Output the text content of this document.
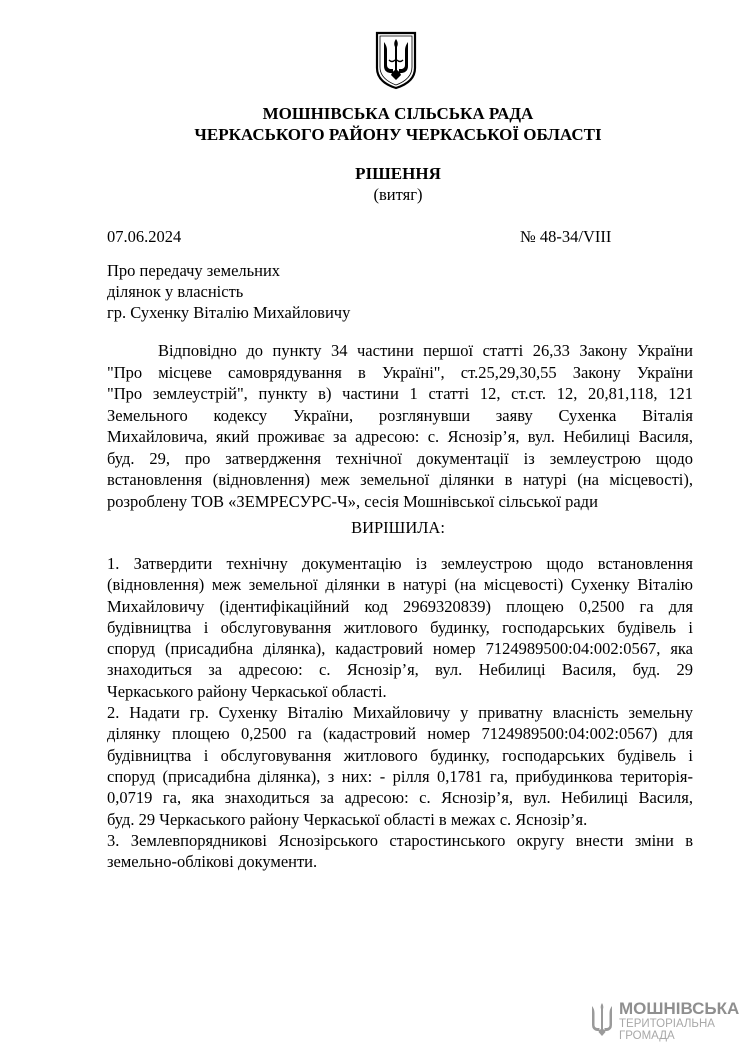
МОШНІВСЬКА СІЛЬСЬКА РАДА
ЧЕРКАСЬКОГО РАЙОНУ ЧЕРКАСЬКОЇ ОБЛАСТІ
РІШЕННЯ
(витяг)
07.06.2024	№ 48-34/VIII
Про передачу земельних
ділянок у власність
гр. Сухенку Віталію Михайловичу
Відповідно до пункту 34 частини першої статті 26,33 Закону України
"Про місцеве самоврядування в Україні", ст.25,29,30,55 Закону України
"Про землеустрій", пункту в) частини 1 статті 12, ст.ст. 12, 20,81,118, 121
Земельного кодексу України, розглянувши заяву Сухенка Віталія
Михайловича, який проживає за адресою: с. Яснозір’я, вул. Небилиці Василя,
буд. 29, про затвердження технічної документації із землеустрою щодо
встановлення (відновлення) меж земельної ділянки в натурі (на місцевості),
розроблену ТОВ «ЗЕМРЕСУРС-Ч», сесія Мошнівської сільської ради
ВИРІШИЛА:
1. Затвердити технічну документацію із землеустрою щодо встановлення
(відновлення) меж земельної ділянки в натурі (на місцевості) Сухенку Віталію
Михайловичу (ідентифікаційний код 2969320839) площею 0,2500 га для
будівництва і обслуговування житлового будинку, господарських будівель і
споруд (присадибна ділянка), кадастровий номер 7124989500:04:002:0567, яка
знаходиться за адресою: с. Яснозір’я, вул. Небилиці Василя, буд. 29
Черкаського району Черкаської області.
2. Надати гр. Сухенку Віталію Михайловичу у приватну власність земельну
ділянку площею 0,2500 га (кадастровий номер 7124989500:04:002:0567) для
будівництва і обслуговування житлового будинку, господарських будівель і
споруд (присадибна ділянка), з них: - рілля 0,1781 га, прибудинкова територія-
0,0719 га, яка знаходиться за адресою: с. Яснозір’я, вул. Небилиці Василя,
буд. 29 Черкаського району Черкаської області в межах с. Яснозір’я.
3. Землевпорядникові Яснозірського старостинського округу внести зміни в
земельно-облікові документи.
МОШНІВСЬКА
ТЕРИТОРІАЛЬНА
ГРОМАДА
